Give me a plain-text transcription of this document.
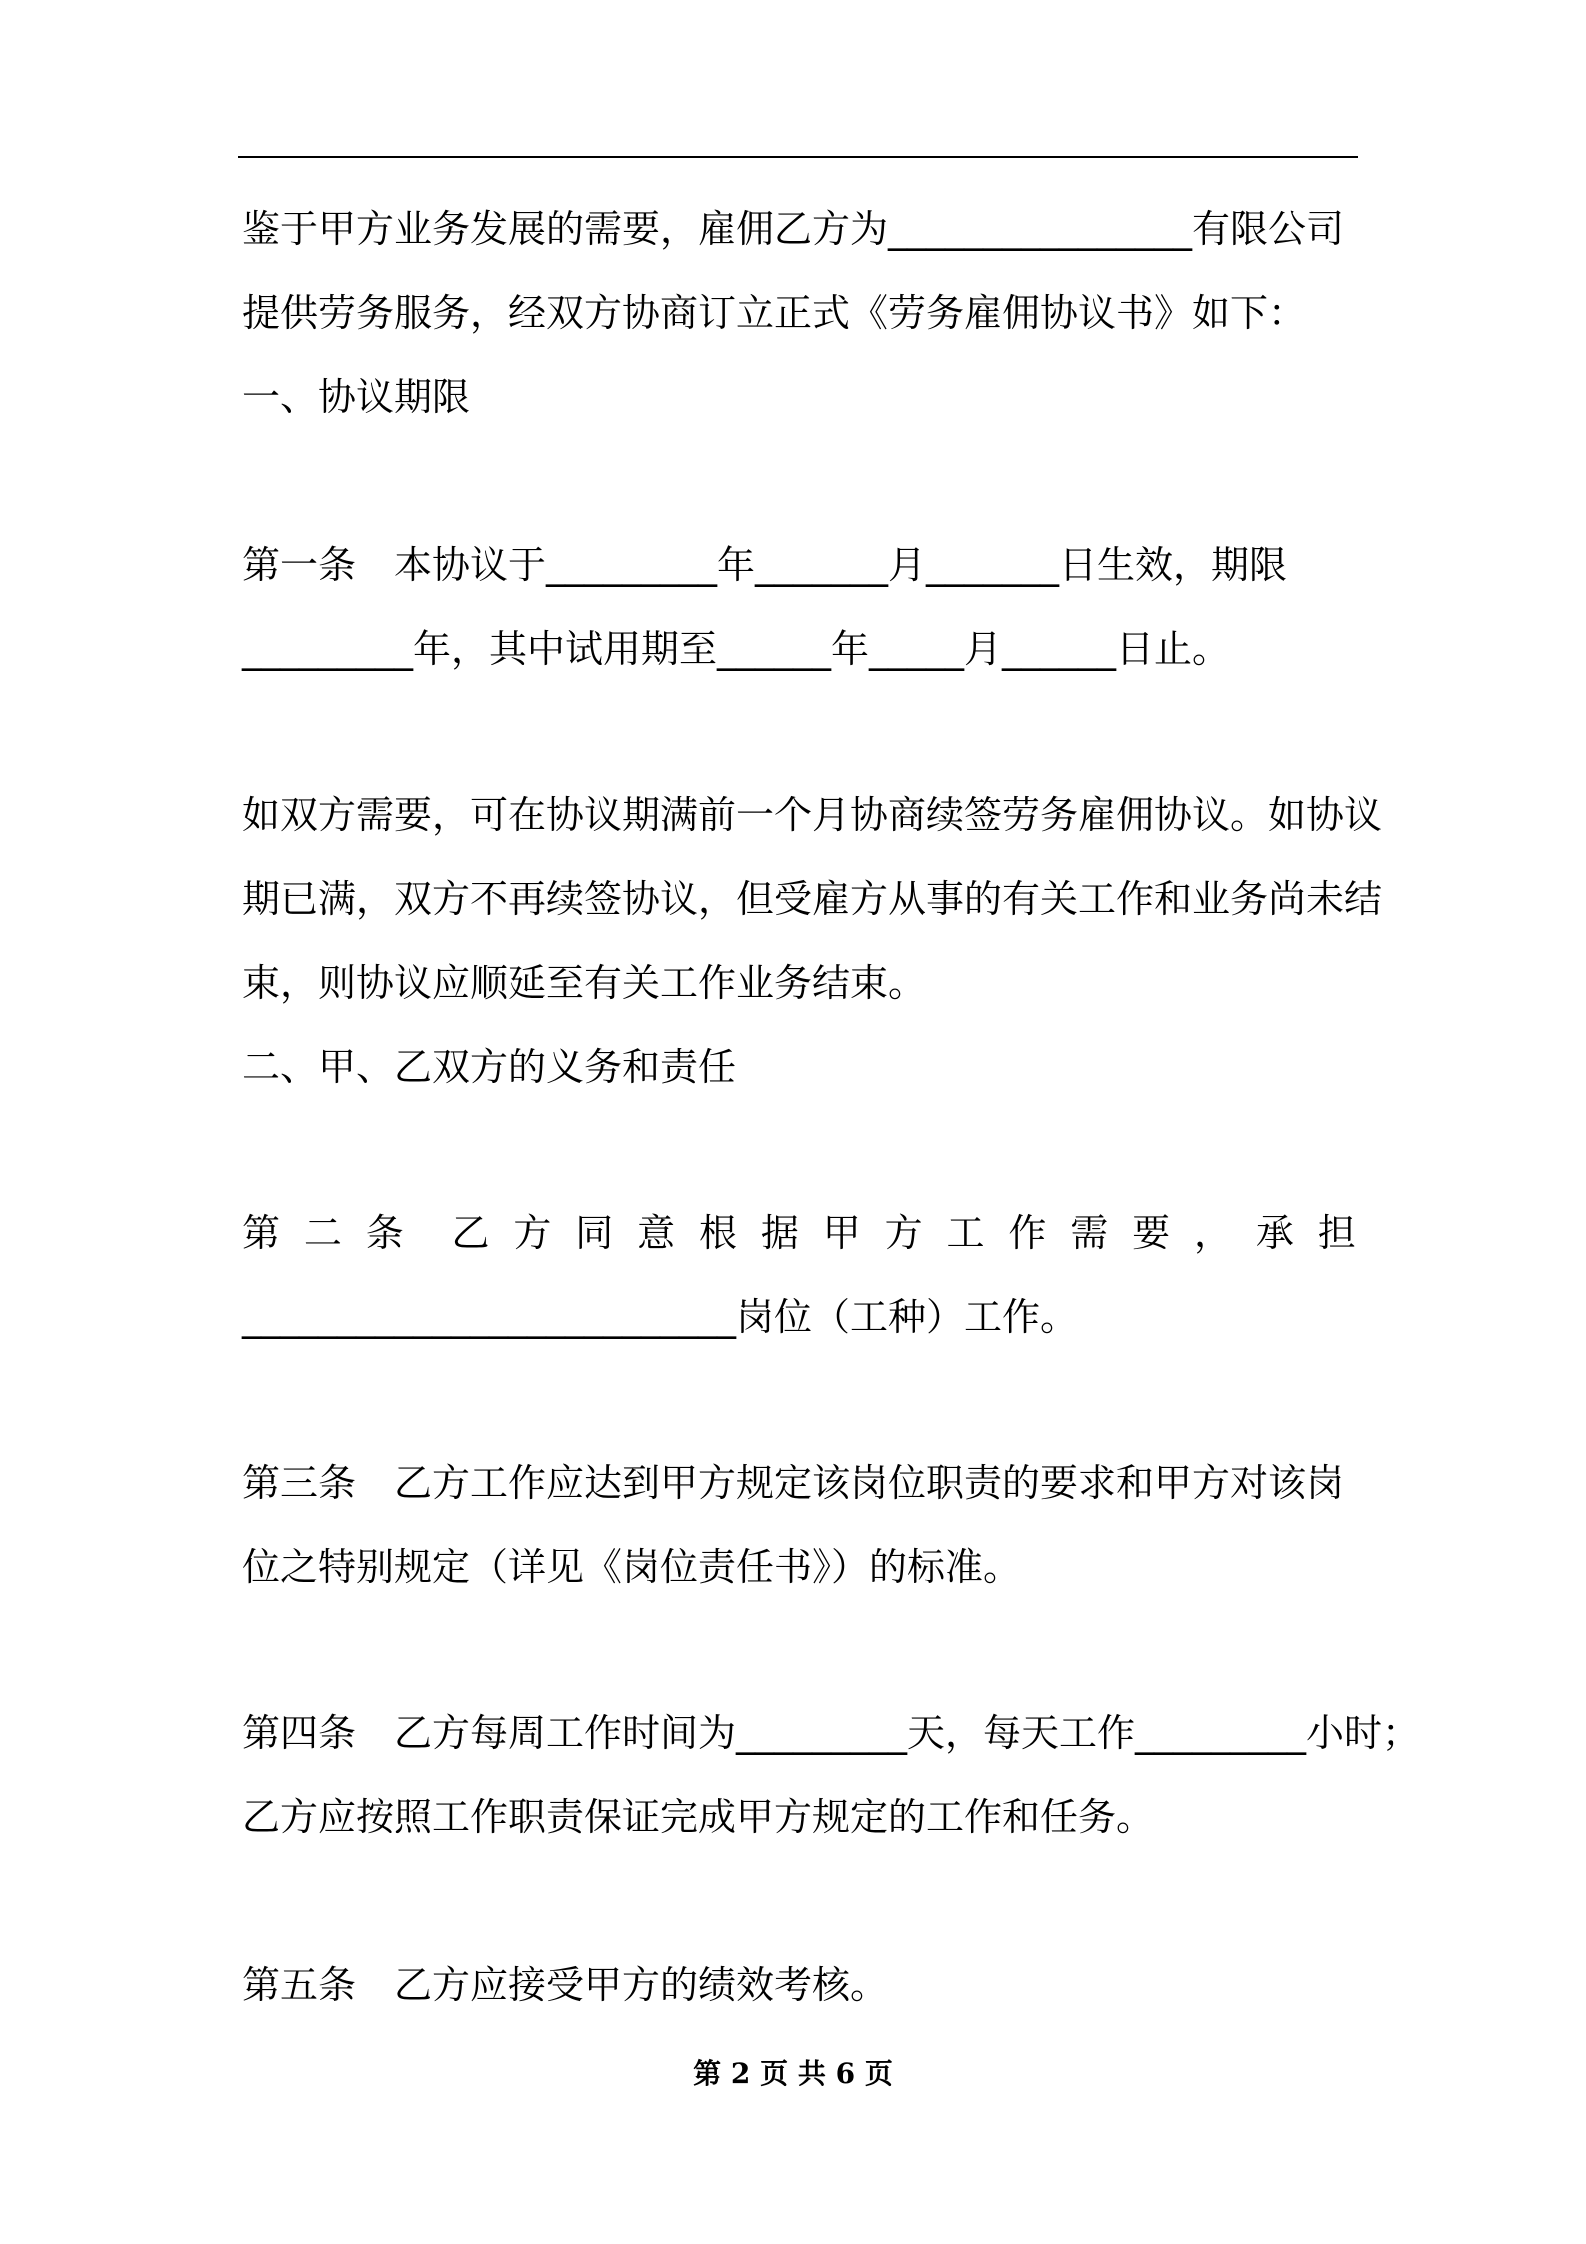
鉴于甲方业务发展的需要，雇佣乙方为________________有限公司
提供劳务服务，经双方协商订立正式《劳务雇佣协议书》如下：
一、协议期限
第一条　本协议于_________年_______月_______日生效，期限
_________年，其中试用期至______年_____月______日止。
如双方需要，可在协议期满前一个月协商续签劳务雇佣协议。如协议
期已满，双方不再续签协议，但受雇方从事的有关工作和业务尚未结
束，则协议应顺延至有关工作业务结束。
二、甲、乙双方的义务和责任
第 二 条 乙 方 同 意 根 据 甲 方 工 作 需 要 ， 承 担
__________________________岗位（工种）工作。
第三条　乙方工作应达到甲方规定该岗位职责的要求和甲方对该岗
位之特别规定（详见《岗位责任书》）的标准。
第四条　乙方每周工作时间为_________天，每天工作_________小时；
乙方应按照工作职责保证完成甲方规定的工作和任务。
第五条　乙方应接受甲方的绩效考核。
第 2 页 共 6 页
